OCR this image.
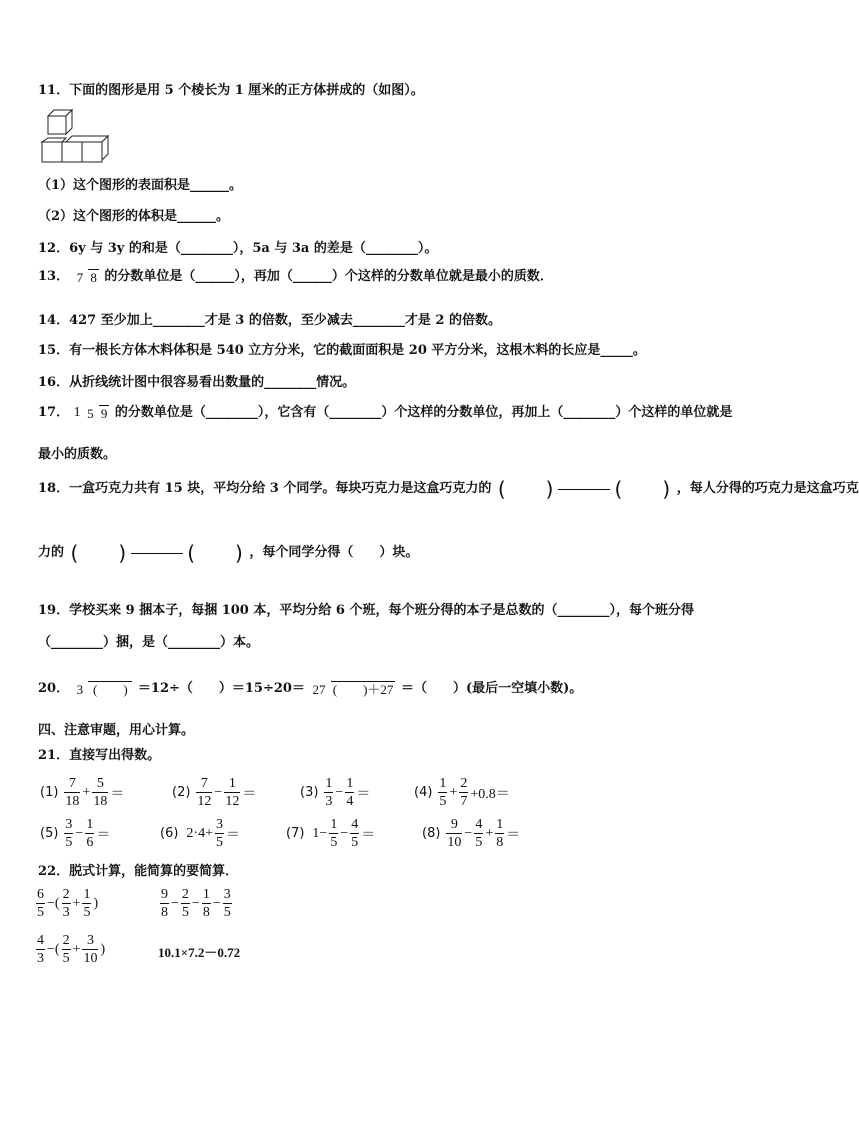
11．下面的图形是用 5 个棱长为 1 厘米的正方体拼成的（如图）。
（1）这个图形的表面积是______。
（2）这个图形的体积是______。
12．6y 与 3y 的和是（________），5a 与 3a 的差是（________）。
13． 7 8 的分数单位是（______），再加（______）个这样的分数单位就是最小的质数．
14．427 至少加上________才是 3 的倍数，至少减去________才是 2 的倍数。
15．有一根长方体木料体积是 540 立方分米，它的截面面积是 20 平方分米，这根木料的长应是_____。
16．从折线统计图中很容易看出数量的________情况。
17． 1 5 9 的分数单位是（________），它含有（________）个这样的分数单位，再加上（________）个这样的单位就是
最小的质数。
18．一盒巧克力共有 15 块，平均分给 3 个同学。每块巧克力是这盒巧克力的 (　　)	(　　) ，每人分得的巧克力是这盒巧克
力的 (　　)	(　　) ，每个同学分得（　　）块。
19．学校买来 9 捆本子，每捆 100 本，平均分给 6 个班，每个班分得的本子是总数的（________），每个班分得
（________）捆，是（________）本。
20． 3 (　　) ＝12÷（　　）＝15÷20＝ 27 (　　)＋27 ＝（　　）(最后一空填小数)。
四、注意审题，用心计算。
21．直接写出得数。
$(1) \frac{7}{18} + \frac{5}{18}$ ＝	$(2) \frac{7}{12} - \frac{1}{12}$ ＝	$(3) \frac{1}{3} - \frac{1}{4}$ ＝	$(4) \frac{1}{5} + \frac{2}{7} +0.8=$
$(5) \frac{3}{5} - \frac{1}{6}$ ＝	(6) $2\cdot 4+ \frac{3}{5}$ ＝	(7) $1- \frac{1}{5} - \frac{4}{5}$ ＝	$(8) \frac{9}{10} - \frac{4}{5} + \frac{1}{8}$ ＝
22．脱式计算，能简算的要简算．
$\frac{6}{5}$ −( $\frac{2}{3} + \frac{1}{5}$ )	$\frac{9}{8} - \frac{2}{5} - \frac{1}{8} - \frac{3}{5}$
$\frac{4}{3}$ −( $\frac{2}{5} + \frac{3}{10}$ )	10.1×7.2－0.72
